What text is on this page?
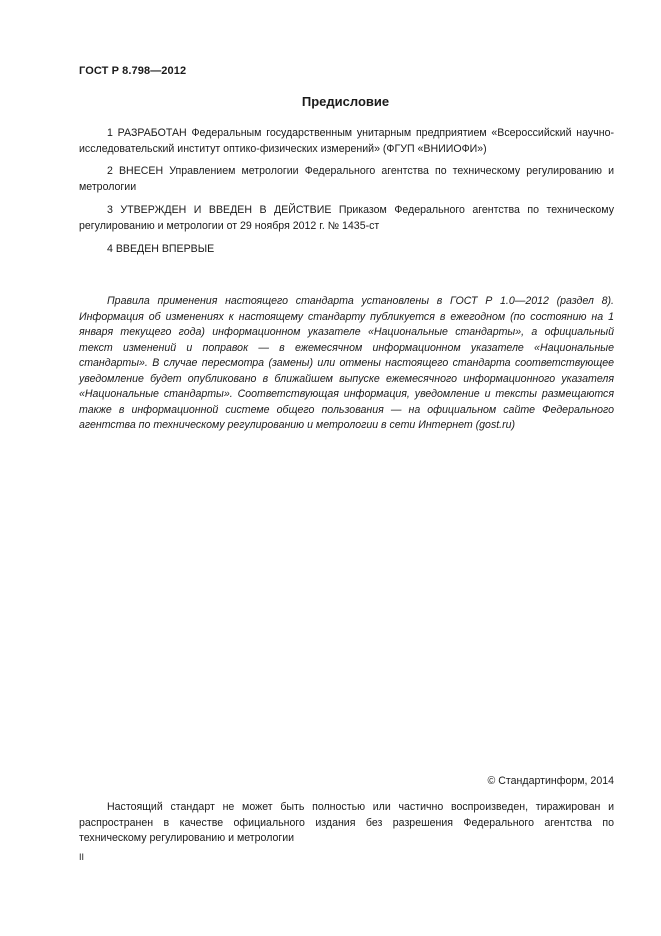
ГОСТ Р 8.798—2012
Предисловие
1 РАЗРАБОТАН Федеральным государственным унитарным предприятием «Всероссийский научно-исследовательский институт оптико-физических измерений» (ФГУП «ВНИИОФИ»)
2 ВНЕСЕН Управлением метрологии Федерального агентства по техническому регулированию и метрологии
3 УТВЕРЖДЕН И ВВЕДЕН В ДЕЙСТВИЕ Приказом Федерального агентства по техническому регулированию и метрологии от 29 ноября 2012 г. № 1435-ст
4 ВВЕДЕН ВПЕРВЫЕ
Правила применения настоящего стандарта установлены в ГОСТ Р 1.0—2012 (раздел 8). Информация об изменениях к настоящему стандарту публикуется в ежегодном (по состоянию на 1 января текущего года) информационном указателе «Национальные стандарты», а официальный текст изменений и поправок — в ежемесячном информационном указателе «Национальные стандарты». В случае пересмотра (замены) или отмены настоящего стандарта соответствующее уведомление будет опубликовано в ближайшем выпуске ежемесячного информационного указателя «Национальные стандарты». Соответствующая информация, уведомление и тексты размещаются также в информационной системе общего пользования — на официальном сайте Федерального агентства по техническому регулированию и метрологии в сети Интернет (gost.ru)
© Стандартинформ, 2014
Настоящий стандарт не может быть полностью или частично воспроизведен, тиражирован и распространен в качестве официального издания без разрешения Федерального агентства по техническому регулированию и метрологии
II
